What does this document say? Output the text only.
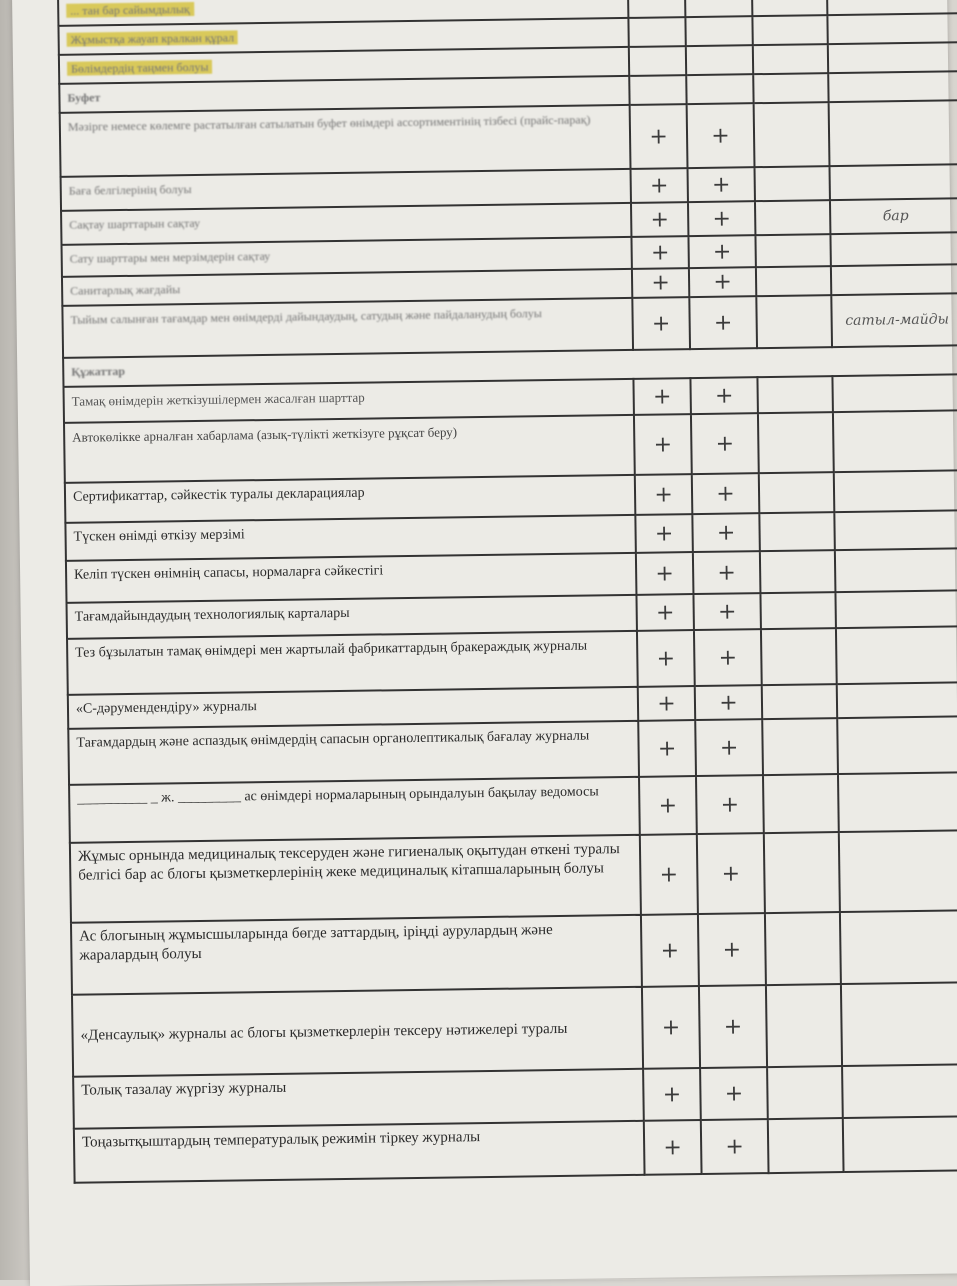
... тан бар сайымдылық				
Жұмыстқа жауап кралкан құрал				
Бөлімдердің таңмен болуы				
Буфет				
Мәзірге немесе көлемге растатылған сатылатын буфет өнімдері ассортиментінің тізбесі (прайс-парақ)	+	+		
Баға белгілерінің болуы	+	+		
Сақтау шарттарын сақтау	+	+		бар
Сату шарттары мен мерзімдерін сақтау	+	+		
Санитарлық жағдайы	+	+		
Тыйым салынған тағамдар мен өнімдерді дайындаудың, сатудың және пайдаланудың болуы	+	+		сатыл-майды
Құжаттар				
Тамақ өнімдерін жеткізушілермен жасалған шарттар	+	+		
Автокөлікке арналған хабарлама (азық-түлікті жеткізуге рұқсат беру)	+	+		
Сертификаттар, сәйкестік туралы декларациялар	+	+		
Түскен өнімді өткізу мерзімі	+	+		
Келіп түскен өнімнің сапасы, нормаларға сәйкестігі	+	+		
Тағамдайындаудың технологиялық карталары	+	+		
Тез бұзылатын тамақ өнімдері мен жартылай фабрикаттардың бракераждық журналы	+	+		
«С-дәрумендендіру» журналы	+	+		
Тағамдардың және аспаздық өнімдердің сапасын органолептикалық бағалау журналы	+	+		
__________ _ ж. _________ ас өнімдері нормаларының орындалуын бақылау ведомосы	+	+		
Жұмыс орнында медициналық тексеруден және гигиеналық оқытудан өткені туралы белгісі бар ас блогы қызметкерлерінің жеке медициналық кітапшаларының болуы	+	+		
Ас блогының жұмысшыларында бөгде заттардың, іріңді аурулардың және жаралардың болуы	+	+		
«Денсаулық» журналы ас блогы қызметкерлерін тексеру нәтижелері туралы	+	+		
Толық тазалау жүргізу журналы	+	+		
Тоңазытқыштардың температуралық режимін тіркеу журналы	+	+		
